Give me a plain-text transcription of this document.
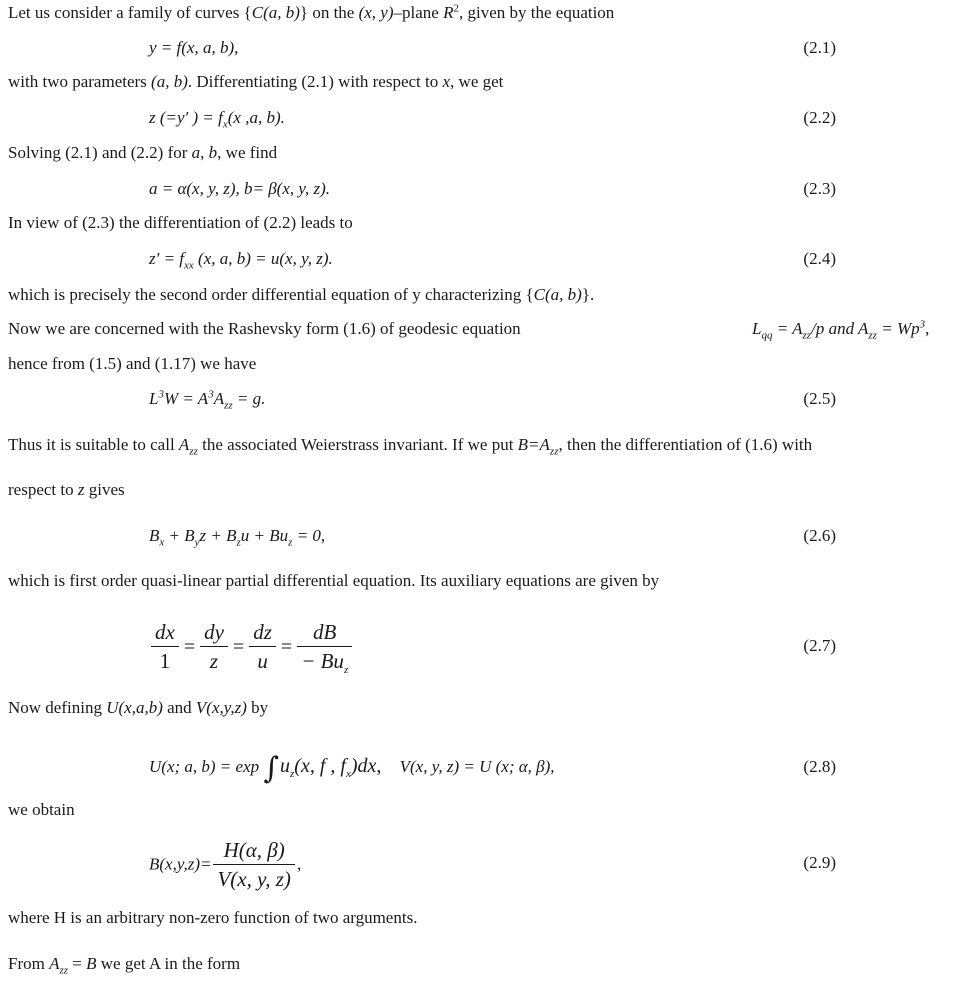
Let us consider a family of curves {C(a, b)} on the (x, y)–plane $R^2$, given by the equation
y = f(x, a, b),	(2.1)
with two parameters (a, b). Differentiating (2.1) with respect to x, we get
z (=y′ ) = $f_x(x$ ,a, b).	(2.2)
Solving (2.1) and (2.2) for a, b, we find
a = α(x, y, z), b= β(x, y, z).	(2.3)
In view of (2.3) the differentiation of (2.2) leads to
$z' = f_{xx}$ (x, a, b) = u(x, y, z).	(2.4)
which is precisely the second order differential equation of y characterizing {C(a, b)}.
Now we are concerned with the Rashevsky form (1.6) of geodesic equation	$L_{qq} = A_{zz}/p$ and $A_{zz} = Wp^3$,
hence from (1.5) and (1.17) we have
$L^3W = A^3A_{zz} = g$.	(2.5)
Thus it is suitable to call $A_{zz}$ the associated Weierstrass invariant. If we put $B=A_{zz}$, then the differentiation of (1.6) with
respect to z gives
$B_x + B_yz + B_zu + Bu_z = 0$,	(2.6)
which is first order quasi-linear partial differential equation. Its auxiliary equations are given by
$\frac{dx}{1} = \frac{dy}{z} = \frac{dz}{u} = \frac{dB}{- Bu_z}$	(2.7)
Now defining U(x,a,b) and V(x,y,z) by
U(x; a, $b) = \exp \int u_z(x$, f , $f_x)dx$, V(x, y, z) = U (x; α, β),	(2.8)
we obtain
$B(x,y,z)= \frac{H(\alpha, \beta)}{V(x, y, z)}$ ,	(2.9)
where H is an arbitrary non-zero function of two arguments.
From $A_{zz} = B$ we get A in the form
